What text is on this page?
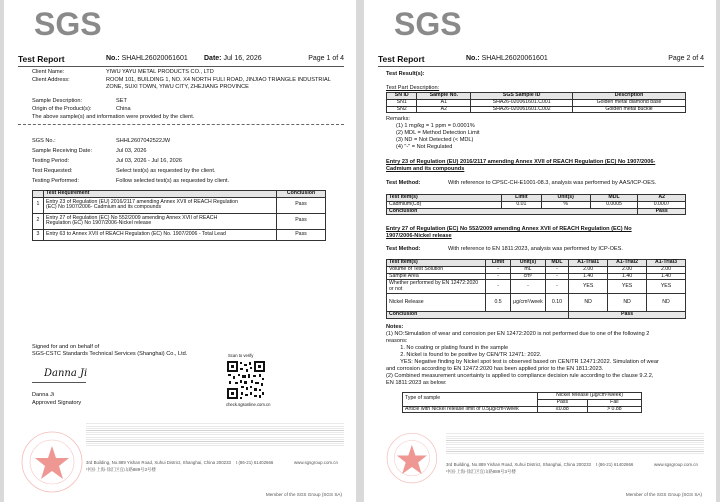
SGS
Test Report	No.: SHAHL26020061601 Date: Jul 16, 2026	Page 1 of 4
Client Name:	YIWU YAYU METAL PRODUCTS CO., LTD
Client Address:	ROOM 101, BUILDING 1, NO. X4 NORTH FULI ROAD, JINJIAO TRIANGLE INDUSTRIAL
ZONE, SUXI TOWN, YIWU CITY, ZHEJIANG PROVINCE
Sample Description:	SET
Origin of the Product(s):	China
The above sample(s) and information were provided by the client.
SGS No.:	SHHL2607042522JW
Sample Receiving Date:	Jul 03, 2026
Testing Period:	Jul 03, 2026 - Jul 16, 2026
Test Requested:	Select test(s) as requested by the client.
Testing Performed:	Follow selected test(s) as requested by client.
	Test Requirement	Conclusion
1	Entry 23 of Regulation (EU) 2016/2117 amending Annex XVII of REACH Regulation
(EC) No 1907/2006- Cadmium and its compounds	Pass
2	Entry 27 of Regulation (EC) No 552/2009 amending Annex XVII of REACH
Regulation (EC) No 1907/2006-Nickel release	Pass
3	Entry 63 to Annex XVII of REACH Regulation (EC) No. 1907/2006 - Total Lead	Pass
Signed for and on behalf of
SGS-CSTC Standards Technical Services (Shanghai) Co., Ltd.
Danna Ji
Danna Ji
Approved Signatory
Scan to verify
check.sgsonline.com.cn
3rd Building, No.889 Yishan Road, Xuhui District, Shanghai, China 200233 t (86-21) 61402666	www.sgsgroup.com.cn
中国·上海·徐汇区宜山路889号3号楼
Member of the SGS Group (SGS SA)
SGS
Test Report	No.: SHAHL26020061601	Page 2 of 4
Test Result(s):
Test Part Description:
SN ID	Sample No.	SGS Sample ID	Description
SN1	A1	SHA26-020061601.C001	Golden metal diamond base
SN2	A2	SHA26-020061601.C002	Golden metal buckle
Remarks:
(1) 1 mg/kg = 1 ppm = 0.0001%
(2) MDL = Method Detection Limit
(3) ND = Not Detected (< MDL)
(4) "-" = Not Regulated
Entry 23 of Regulation (EU) 2016/2117 amending Annex XVII of REACH Regulation (EC) No 1907/2006-
Cadmium and its compounds
Test Method:	With reference to CPSC-CH-E1001-08.3, analysis was performed by AAS/ICP-OES.
Test Item(s)	Limit	Unit(s)	MDL	A2
Cadmium(Cd)	0.01	%	0.0005	0.0007
Conclusion				Pass
Entry 27 of Regulation (EC) No 552/2009 amending Annex XVII of REACH Regulation (EC) No
1907/2006-Nickel release
Test Method:	With reference to EN 1811:2023, analysis was performed by ICP-OES.
Test Item(s)	Limit	Unit(s)	MDL	A1-Trial1	A1-Trial2	A1-Trial3
Volume of Test Solution	-	mL	-	2.00	2.00	2.00
Sample Area	-	cm²	-	1.40	1.40	1.40
Whether performed by EN 12472:2020 or not	-	-	-	YES	YES	YES
Nickel Release	0.5	μg/cm²/week	0.10	ND	ND	ND
Conclusion				Pass		
Notes:
(1) NO:Simulation of wear and corrosion per EN 12472:2020 is not performed due to one of the following 2
reasons:
1. No coating or plating found in the sample
2. Nickel is found to be positive by CEN/TR 12471: 2022.
YES: Negative finding by Nickel spot test is observed based on CEN/TR 12471:2022. Simulation of wear
and corrosion according to EN 12472:2020 has been applied prior to the EN 1811:2023.
(2) Combined measurement uncertainty is applied to compliance decision rule according to the clause 9.2.2,
EN 1811:2023 as below:
Type of sample	Nickel release (μg/cm²/week)	
	Pass	Fail
Article with Nickel release limit of 0.5μg/cm²/week	≤0.88	> 0.88
3rd Building, No.889 Yishan Road, Xuhui District, Shanghai, China 200233 t (86-21) 61402666	www.sgsgroup.com.cn
中国·上海·徐汇区宜山路889号3号楼
Member of the SGS Group (SGS SA)
